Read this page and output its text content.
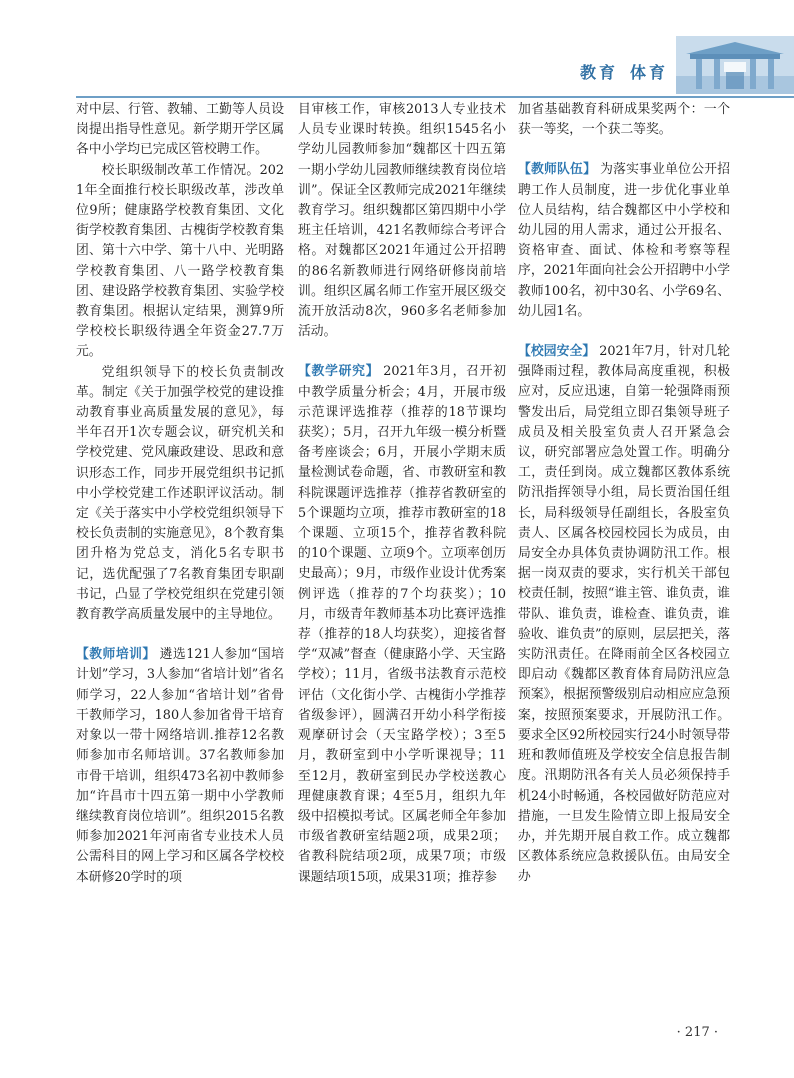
教育 体育

对中层、行管、教辅、工勤等人员设岗提出指导性意见。新学期开学区属各中小学均已完成区管校聘工作。

校长职级制改革工作情况。2021年全面推行校长职级改革，涉改单位9所；健康路学校教育集团、文化街学校教育集团、古槐街学校教育集团、第十六中学、第十八中、光明路学校教育集团、八一路学校教育集团、建设路学校教育集团、实验学校教育集团。根据认定结果，测算9所学校校长职级待遇全年资金27.7万元。

党组织领导下的校长负责制改革。制定《关于加强学校党的建设推动教育事业高质量发展的意见》，每半年召开1次专题会议，研究机关和学校党建、党风廉政建设、思政和意识形态工作，同步开展党组织书记抓中小学校党建工作述职评议活动。制定《关于落实中小学校党组织领导下校长负责制的实施意见》，8个教育集团升格为党总支，消化5名专职书记，选优配强了7名教育集团专职副书记，凸显了学校党组织在党建引领教育教学高质量发展中的主导地位。

【教师培训】 遴选121人参加“国培计划”学习，3人参加“省培计划”省名师学习，22人参加“省培计划”省骨干教师学习，180人参加省骨干培育对象以一带十网络培训.推荐12名教师参加市名师培训。37名教师参加市骨干培训，组织473名初中教师参加“许昌市十四五第一期中小学教师继续教育岗位培训”。组织2015名教师参加2021年河南省专业技术人员公需科目的网上学习和区属各学校校本研修20学时的项

目审核工作，审核2013人专业技术人员专业课时转换。组织1545名小学幼儿园教师参加“魏都区十四五第一期小学幼儿园教师继续教育岗位培训”。保证全区教师完成2021年继续教育学习。组织魏都区第四期中小学班主任培训，421名教师综合考评合格。对魏都区2021年通过公开招聘的86名新教师进行网络研修岗前培训。组织区属名师工作室开展区级交流开放活动8次，960多名老师参加活动。

【教学研究】 2021年3月，召开初中教学质量分析会；4月，开展市级示范课评选推荐（推荐的18节课均获奖）；5月，召开九年级一模分析暨备考座谈会；6月，开展小学期末质量检测试卷命题，省、市教研室和教科院课题评选推荐（推荐省教研室的5个课题均立项，推荐市教研室的18个课题、立项15个，推荐省教科院的10个课题、立项9个。立项率创历史最高）；9月，市级作业设计优秀案例评选（推荐的7个均获奖）；10月，市级青年教师基本功比赛评选推荐（推荐的18人均获奖），迎接省督学“双减”督查（健康路小学、天宝路学校）；11月，省级书法教育示范校评估（文化街小学、古槐街小学推荐省级参评），圆满召开幼小科学衔接观摩研讨会（天宝路学校）；3至5月，教研室到中小学听课视导；11至12月，教研室到民办学校送教心理健康教育课；4至5月，组织九年级中招模拟考试。区属老师全年参加市级省教研室结题2项，成果2项；省教科院结项2项，成果7项；市级课题结项15项，成果31项；推荐参

加省基础教育科研成果奖两个：一个获一等奖，一个获二等奖。

【教师队伍】 为落实事业单位公开招聘工作人员制度，进一步优化事业单位人员结构，结合魏都区中小学校和幼儿园的用人需求，通过公开报名、资格审查、面试、体检和考察等程序，2021年面向社会公开招聘中小学教师100名，初中30名、小学69名、幼儿园1名。

【校园安全】 2021年7月，针对几轮强降雨过程，教体局高度重视，积极应对，反应迅速，自第一轮强降雨预警发出后，局党组立即召集领导班子成员及相关股室负责人召开紧急会议，研究部署应急处置工作。明确分工，责任到岗。成立魏都区教体系统防汛指挥领导小组，局长贾治国任组长，局科级领导任副组长，各股室负责人、区属各校园校园长为成员，由局安全办具体负责协调防汛工作。根据一岗双责的要求，实行机关干部包校责任制，按照“谁主管、谁负责，谁带队、谁负责，谁检查、谁负责，谁验收、谁负责”的原则，层层把关，落实防汛责任。在降雨前全区各校园立即启动《魏都区教育体育局防汛应急预案》，根据预警级别启动相应应急预案，按照预案要求，开展防汛工作。要求全区92所校园实行24小时领导带班和教师值班及学校安全信息报告制度。汛期防汛各有关人员必须保持手机24小时畅通，各校园做好防范应对措施，一旦发生险情立即上报局安全办，并先期开展自救工作。成立魏都区教体系统应急救援队伍。由局安全办

· 217 ·
